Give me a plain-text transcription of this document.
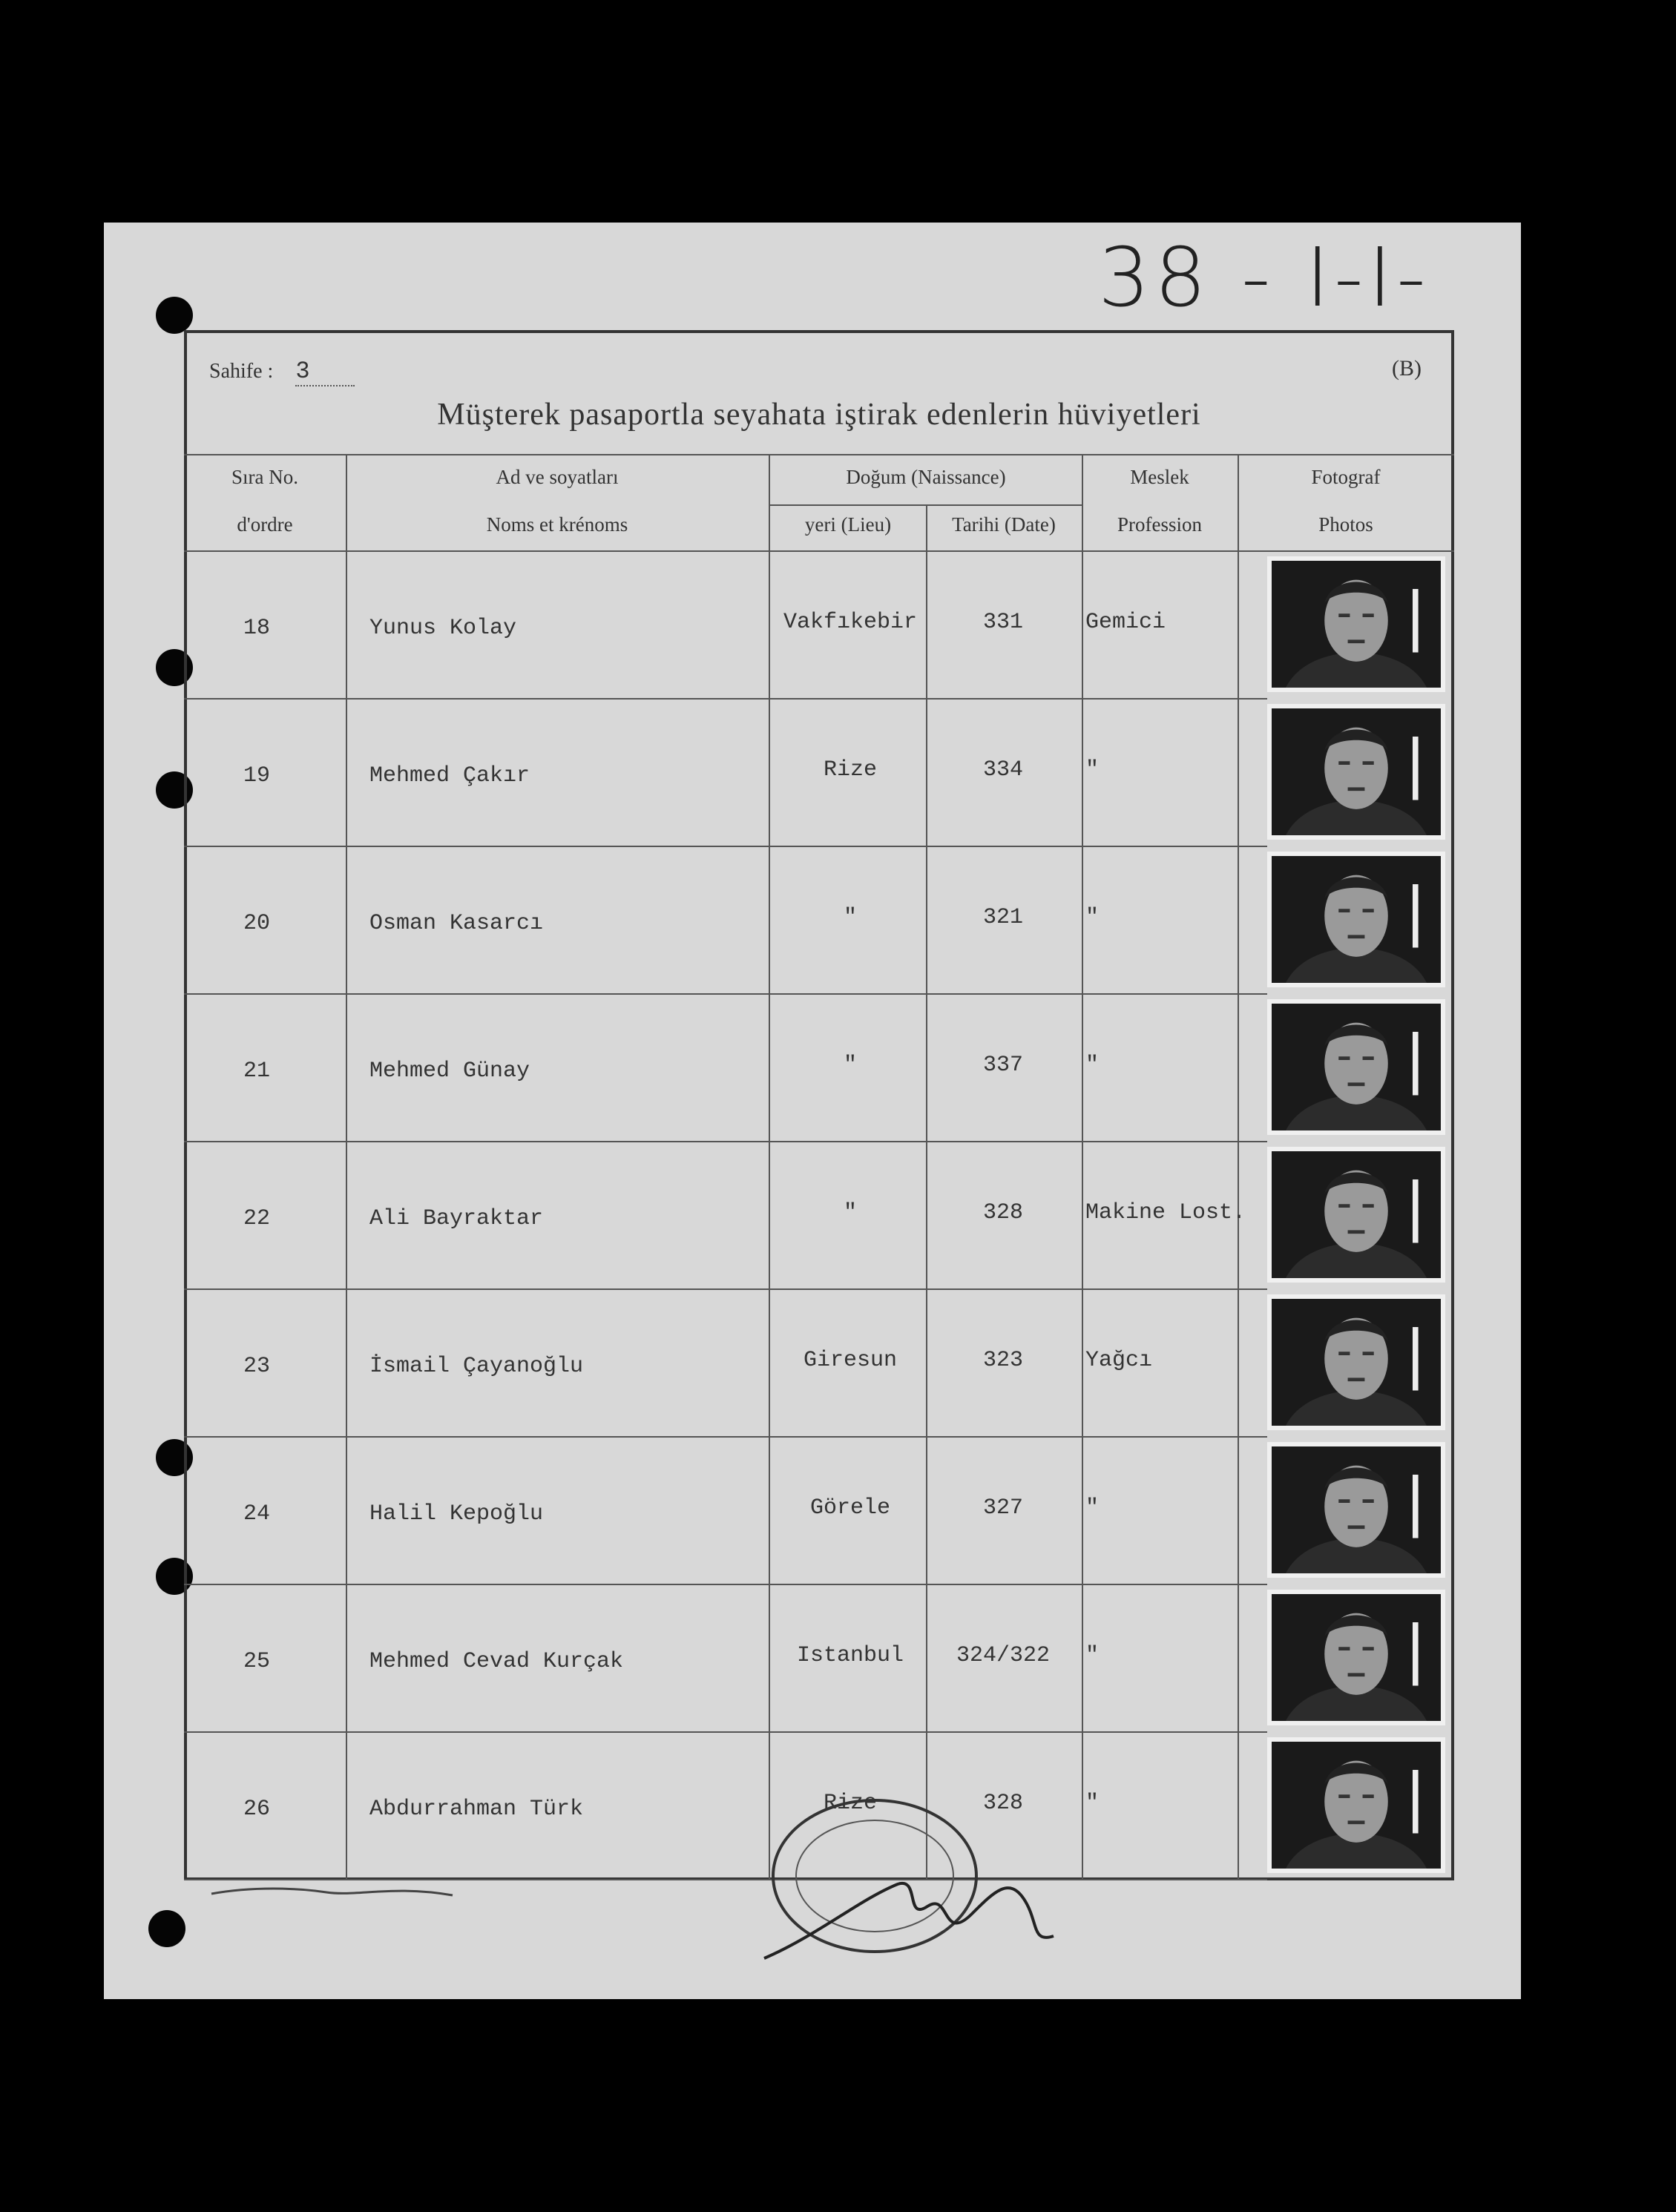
38 - I-I-
Sahife : 3	(B)
Müşterek pasaportla seyahata iştirak edenlerin hüviyetleri
Sıra No.
d'ordre
Ad ve soyatları
Noms et krénoms
Doğum (Naissance)
yeri (Lieu)	Tarihi (Date)
Meslek
Profession
Fotograf
Photos
18	Yunus Kolay	Vakfıkebir	331	Gemici
19	Mehmed Çakır	Rize	334	"
20	Osman Kasarcı	"	321	"
21	Mehmed Günay	"	337	"
22	Ali Bayraktar	"	328	Makine Lost.
23	İsmail Çayanoğlu	Giresun	323	Yağcı
24	Halil Kepoğlu	Görele	327	"
25	Mehmed Cevad Kurçak	Istanbul	324/322	"
26	Abdurrahman Türk	Rize	328	"
